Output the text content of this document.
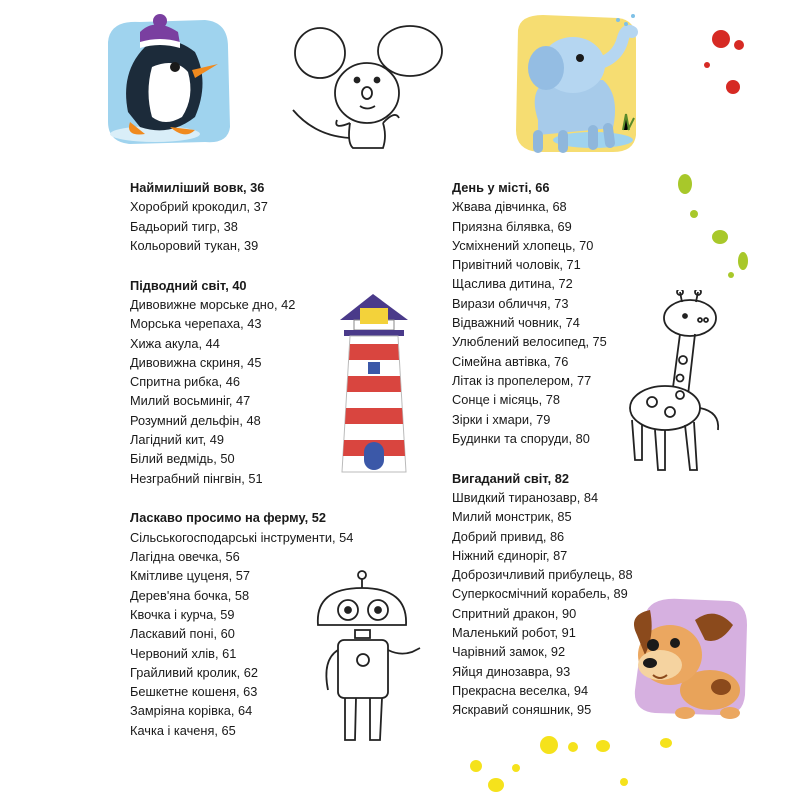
Наймиліший вовк, 36
Хоробрий крокодил, 37
Бадьорий тигр, 38
Кольоровий тукан, 39
Підводний світ, 40
Дивовижне морське дно, 42
Морська черепаха, 43
Хижа акула, 44
Дивовижна скриня, 45
Спритна рибка, 46
Милий восьминіг, 47
Розумний дельфін, 48
Лагідний кит, 49
Білий ведмідь, 50
Незграбний пінгвін, 51
Ласкаво просимо на ферму, 52
Сільськогосподарські інструменти, 54
Лагідна овечка, 56
Кмітливе цуценя, 57
Дерев'яна бочка, 58
Квочка і курча, 59
Ласкавий поні, 60
Червоний хлів, 61
Грайливий кролик, 62
Бешкетне кошеня, 63
Замріяна корівка, 64
Качка і каченя, 65
День у місті, 66
Жвава дівчинка, 68
Приязна білявка, 69
Усміхнений хлопець, 70
Привітний чоловік, 71
Щаслива дитина, 72
Вирази обличчя, 73
Відважний човник, 74
Улюблений велосипед, 75
Сімейна автівка, 76
Літак із пропелером, 77
Сонце і місяць, 78
Зірки і хмари, 79
Будинки та споруди, 80
Вигаданий світ, 82
Швидкий тиранозавр, 84
Милий монстрик, 85
Добрий привид, 86
Ніжний єдиноріг, 87
Доброзичливий прибулець, 88
Суперкосмічний корабель, 89
Спритний дракон, 90
Маленький робот, 91
Чарівний замок, 92
Яйця динозавра, 93
Прекрасна веселка, 94
Яскравий соняшник, 95
